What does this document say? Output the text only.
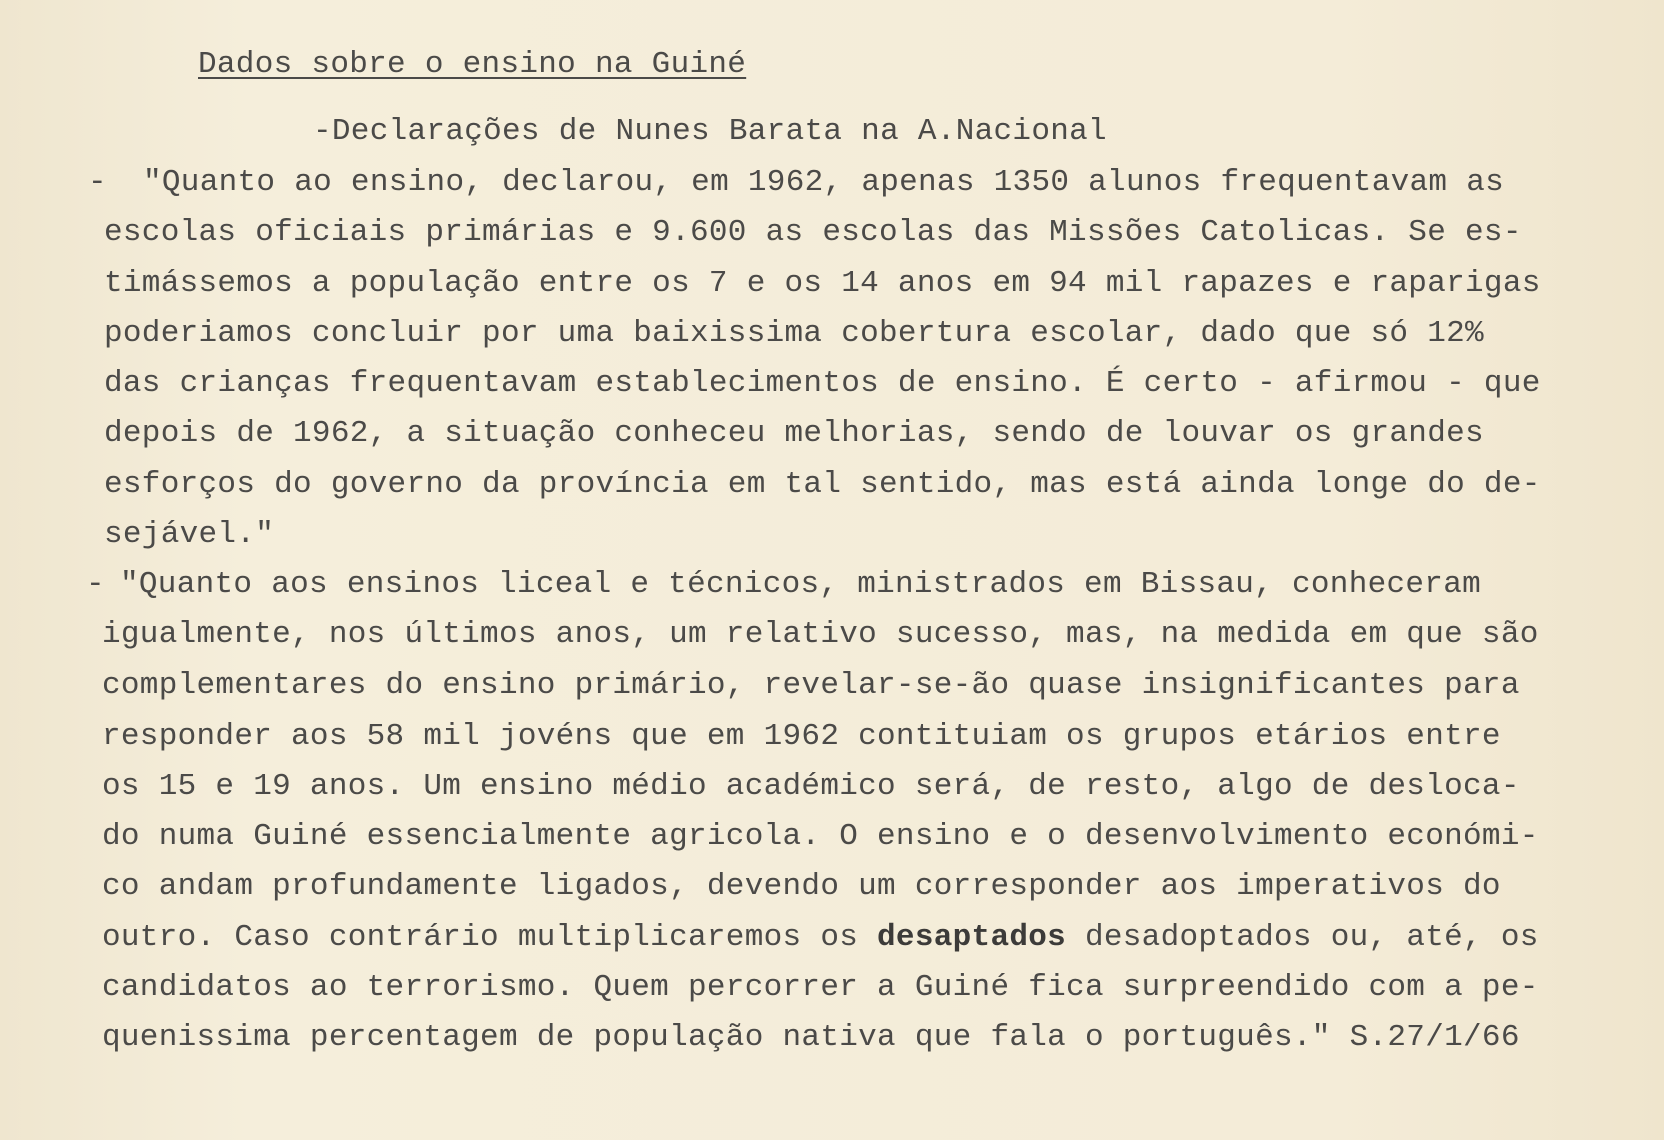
Dados sobre o ensino na Guiné
-Declarações de Nunes Barata na A.Nacional
- "Quanto ao ensino, declarou, em 1962, apenas 1350 alunos frequentavam as
escolas oficiais primárias e 9.600 as escolas das Missões Catolicas. Se es-
timássemos a população entre os 7 e os 14 anos em 94 mil rapazes e raparigas
poderiamos concluir por uma baixissima cobertura escolar, dado que só 12%
das crianças frequentavam establecimentos de ensino. É certo - afirmou - que
depois de 1962, a situação conheceu melhorias, sendo de louvar os grandes
esforços do governo da província em tal sentido, mas está ainda longe do de-
sejável."
- "Quanto aos ensinos liceal e técnicos, ministrados em Bissau, conheceram
igualmente, nos últimos anos, um relativo sucesso, mas, na medida em que são
complementares do ensino primário, revelar-se-ão quase insignificantes para
responder aos 58 mil jovéns que em 1962 contituiam os grupos etários entre
os 15 e 19 anos. Um ensino médio académico será, de resto, algo de desloca-
do numa Guiné essencialmente agricola. O ensino e o desenvolvimento económi-
co andam profundamente ligados, devendo um corresponder aos imperativos do
outro. Caso contrário multiplicaremos os desaptados desadoptados ou, até, os
candidatos ao terrorismo. Quem percorrer a Guiné fica surpreendido com a pe-
quenissima percentagem de população nativa que fala o português." S.27/1/66
